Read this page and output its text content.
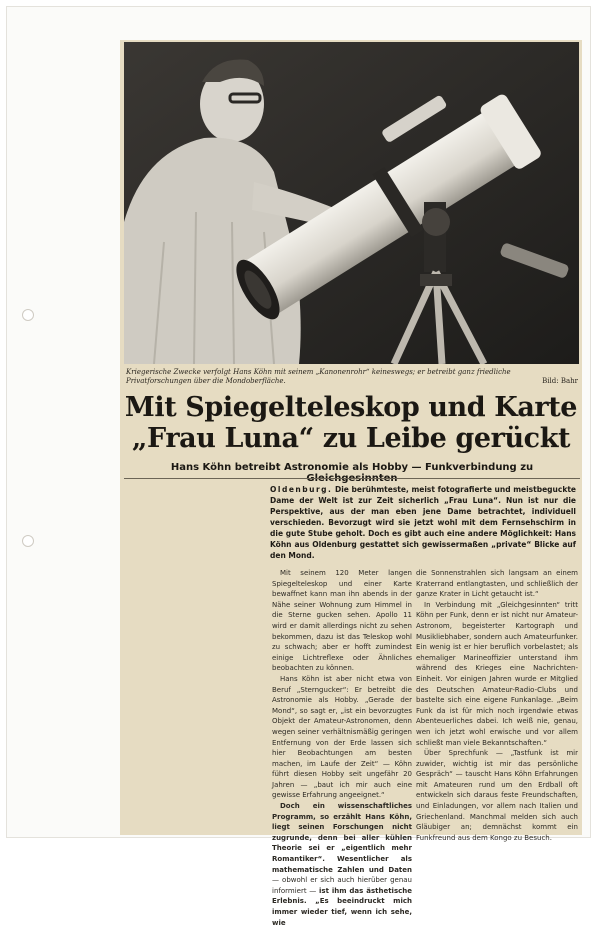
Kriegerische Zwecke verfolgt Hans Köhn mit seinem „Kanonenrohr“ keineswegs; er betreibt ganz friedliche Privatforschungen über die Mondoberfläche.	Bild: Bahr
Mit Spiegelteleskop und Karte
„Frau Luna“ zu Leibe gerückt
Hans Köhn betreibt Astronomie als Hobby — Funkverbindung zu
Oldenburg. Die berühmteste, meist fotografierte und meistbeguckte Dame der Welt ist zur Zeit sicherlich „Frau Luna“. Nun ist nur die Perspektive, aus der man eben jene Dame betrachtet, individuell verschieden. Bevorzugt wird sie jetzt wohl mit dem Fernsehschirm in die gute Stube geholt. Doch es gibt auch eine andere Möglichkeit: Hans Köhn aus Oldenburg gestattet sich gewissermaßen „private“ Blicke auf den Mond.

Mit seinem 120 Meter langen Spiegelteleskop und einer Karte bewaffnet kann man ihn abends in der Nähe seiner Wohnung zum Himmel in die Sterne gucken sehen. Apollo 11 wird er damit allerdings nicht zu sehen bekommen, dazu ist das Teleskop wohl zu schwach; aber er hofft zumindest einige Lichtreflexe oder Ähnliches beobachten zu können.

Hans Köhn ist aber nicht etwa von Beruf „Sterngucker“: Er betreibt die Astronomie als Hobby. „Gerade der Mond“, so sagt er, „ist ein bevorzugtes Objekt der Amateur-Astronomen, denn wegen seiner verhältnismäßig geringen Entfernung von der Erde lassen sich hier Beobachtungen am besten machen, im Laufe der Zeit“ — Köhn führt diesen Hobby seit ungefähr 20 Jahren — „baut ich mir auch eine gewisse Erfahrung angeeignet.“

Doch ein wissenschaftliches Programm, so erzählt Hans Köhn, liegt seinen Forschungen nicht zugrunde, denn bei aller kühlen Theorie sei er „eigentlich mehr Romantiker“. Wesentlicher als mathematische Zahlen und Daten — obwohl er sich auch hierüber genau informiert — ist ihm das ästhetische Erlebnis. „Es beeindruckt mich immer wieder tief, wenn ich sehe, wie

die Sonnenstrahlen sich langsam an einem Kraterrand entlangtasten, und schließlich der ganze Krater in Licht getaucht ist.“

In Verbindung mit „Gleichgesinnten“ tritt Köhn per Funk, denn er ist nicht nur Amateur-Astronom, begeisterter Kartograph und Musikliebhaber, sondern auch Amateurfunker. Ein wenig ist er hier beruflich vorbelastet; als ehemaliger Marineoffizier unterstand ihm während des Krieges eine Nachrichten-Einheit. Vor einigen Jahren wurde er Mitglied des Deutschen Amateur-Radio-Clubs und bastelte sich eine eigene Funkanlage. „Beim Funk da ist für mich noch irgendwie etwas Abenteuerliches dabei. Ich weiß nie, genau, wen ich jetzt wohl erwische und vor allem schließt man viele Bekanntschaften.“

Über Sprechfunk — „Tastfunk ist mir zuwider, wichtig ist mir das persönliche Gespräch“ — tauscht Hans Köhn Erfahrungen mit Amateuren rund um den Erdball oft entwickeln sich daraus feste Freundschaften, und Einladungen, vor allem nach Italien und Griechenland. Manchmal melden sich auch Gläubiger an; demnächst kommt ein Funkfreund aus dem Kongo zu Besuch.
